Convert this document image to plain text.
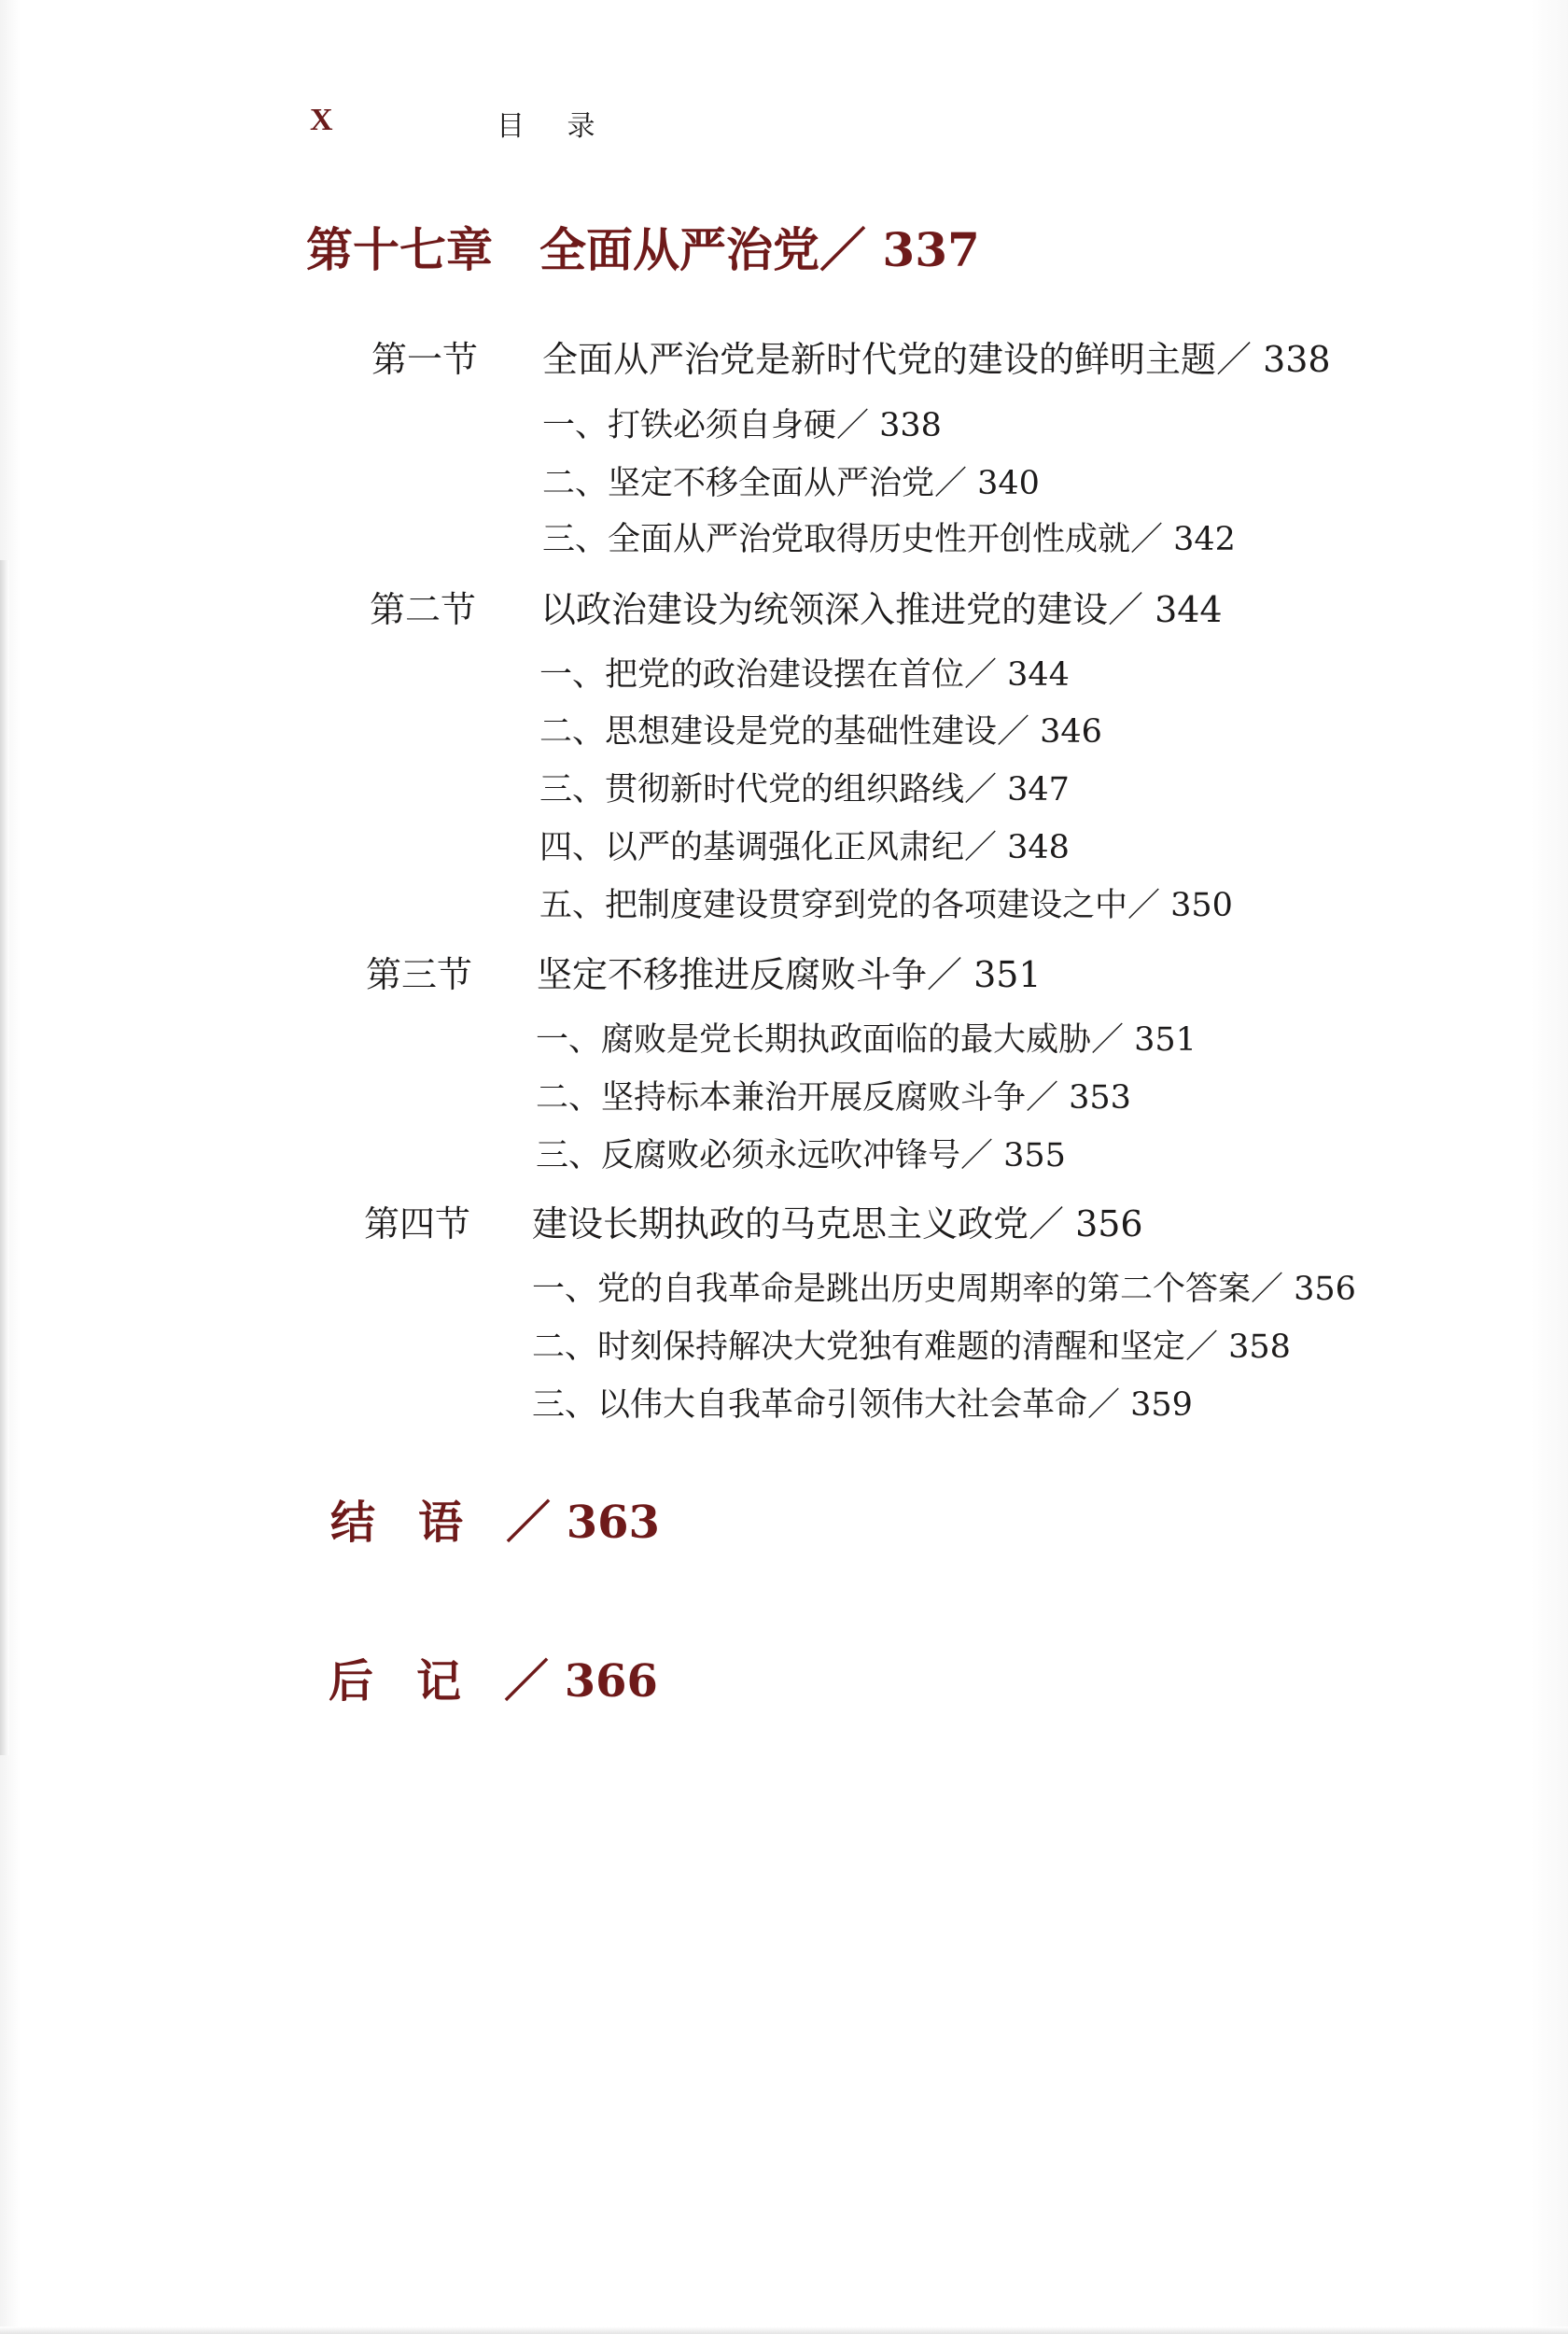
X	目 录
第十七章 全面从严治党／ 337
第一节 全面从严治党是新时代党的建设的鲜明主题／ 338
一、打铁必须自身硬／ 338
二、坚定不移全面从严治党／ 340
三、全面从严治党取得历史性开创性成就／ 342
第二节 以政治建设为统领深入推进党的建设／ 344
一、把党的政治建设摆在首位／ 344
二、思想建设是党的基础性建设／ 346
三、贯彻新时代党的组织路线／ 347
四、以严的基调强化正风肃纪／ 348
五、把制度建设贯穿到党的各项建设之中／ 350
第三节 坚定不移推进反腐败斗争／ 351
一、腐败是党长期执政面临的最大威胁／ 351
二、坚持标本兼治开展反腐败斗争／ 353
三、反腐败必须永远吹冲锋号／ 355
第四节 建设长期执政的马克思主义政党／ 356
一、党的自我革命是跳出历史周期率的第二个答案／ 356
二、时刻保持解决大党独有难题的清醒和坚定／ 358
三、以伟大自我革命引领伟大社会革命／ 359
结语／ 363
后记／ 366
